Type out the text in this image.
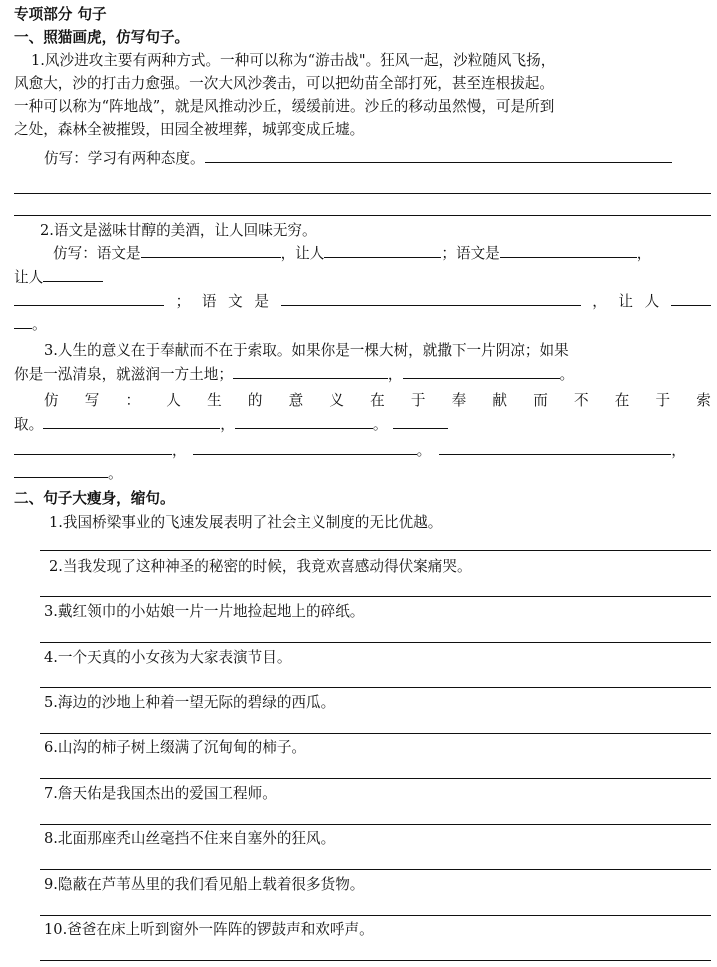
专项部分 句子
一、照猫画虎，仿写句子。
1.风沙进攻主要有两种方式。一种可以称为“游击战"。狂风一起，沙粒随风飞扬，
风愈大，沙的打击力愈强。一次大风沙袭击，可以把幼苗全部打死，甚至连根拔起。
一种可以称为“阵地战”，就是风推动沙丘，缓缓前进。沙丘的移动虽然慢，可是所到
之处，森林全被摧毁，田园全被埋葬，城郭变成丘墟。
仿写：学习有两种态度。
2.语文是滋味甘醇的美酒，让人回味无穷。
仿写：语文是	，让人	；语文是	，
让人
； 语 文 是	， 让 人
。
3.人生的意义在于奉献而不在于索取。如果你是一棵大树，就撒下一片阴凉；如果
你是一泓清泉，就滋润一方土地；	，	。
仿 写 ： 人 生 的 意 义 在 于 奉 献 而 不 在 于 索
取。	，	。
，	。	，
。
二、句子大瘦身，缩句。
1.我国桥梁事业的飞速发展表明了社会主义制度的无比优越。
2.当我发现了这种神圣的秘密的时候，我竟欢喜感动得伏案痛哭。
3.戴红领巾的小姑娘一片一片地捡起地上的碎纸。
4.一个天真的小女孩为大家表演节目。
5.海边的沙地上种着一望无际的碧绿的西瓜。
6.山沟的柿子树上缀满了沉甸甸的柿子。
7.詹天佑是我国杰出的爱国工程师。
8.北面那座秃山丝毫挡不住来自塞外的狂风。
9.隐蔽在芦苇丛里的我们看见船上载着很多货物。
10.爸爸在床上听到窗外一阵阵的锣鼓声和欢呼声。
